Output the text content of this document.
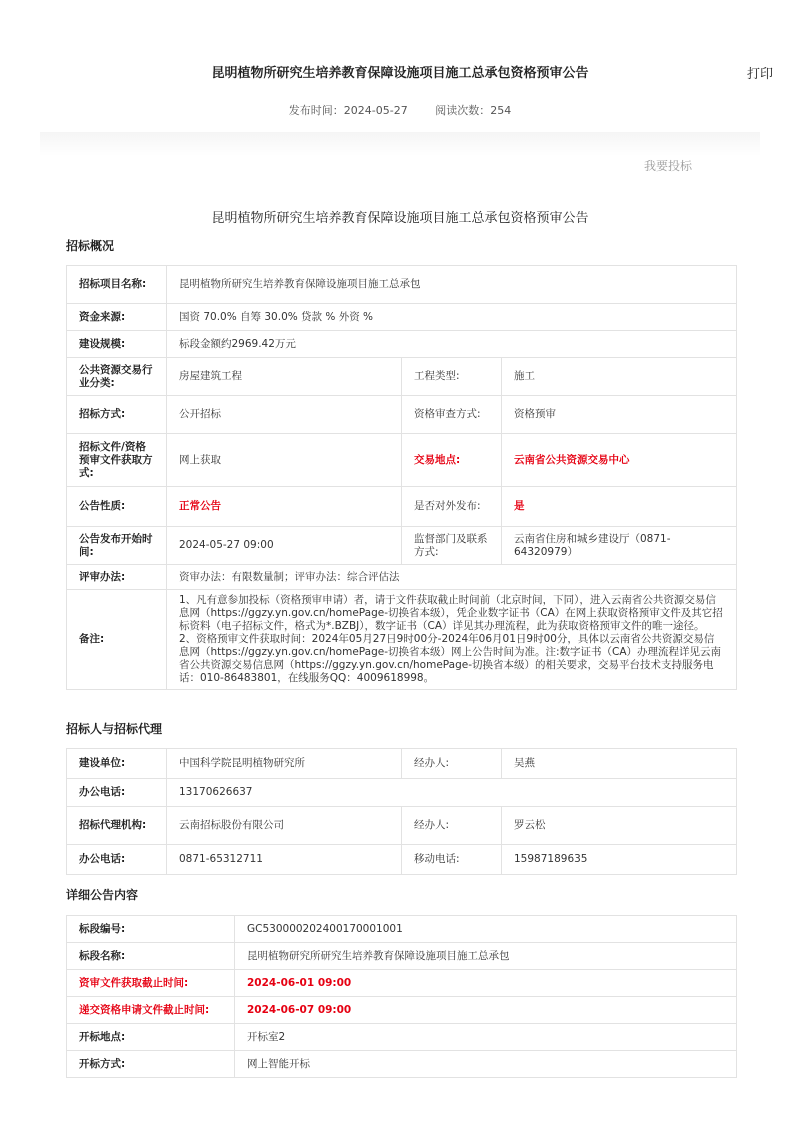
昆明植物所研究生培养教育保障设施项目施工总承包资格预审公告	打印
发布时间：2024-05-27	阅读次数：254
我要投标
昆明植物所研究生培养教育保障设施项目施工总承包资格预审公告
招标概况
招标项目名称:	昆明植物所研究生培养教育保障设施项目施工总承包		
资金来源:	国资 70.0% 自筹 30.0% 贷款 % 外资 %		
建设规模:	标段金额约2969.42万元		
公共资源交易行业分类:	房屋建筑工程	工程类型:	施工
招标方式:	公开招标	资格审查方式:	资格预审
招标文件/资格预审文件获取方式:	网上获取	交易地点:	云南省公共资源交易中心
公告性质:	正常公告	是否对外发布:	是
公告发布开始时间:	2024-05-27 09:00	监督部门及联系方式:	云南省住房和城乡建设厅（0871-64320979）
评审办法:	资审办法：有限数量制；评审办法：综合评估法		
备注:	1、凡有意参加投标（资格预审申请）者，请于文件获取截止时间前（北京时间，下同），进入云南省公共资源交易信息网（https://ggzy.yn.gov.cn/homePage-切换省本级），凭企业数字证书（CA）在网上获取资格预审文件及其它招标资料（电子招标文件，格式为*.BZBJ），数字证书（CA）详见其办理流程，此为获取资格预审文件的唯一途径。 2、资格预审文件获取时间：2024年05月27日9时00分-2024年06月01日9时00分，具体以云南省公共资源交易信息网（https://ggzy.yn.gov.cn/homePage-切换省本级）网上公告时间为准。注:数字证书（CA）办理流程详见云南省公共资源交易信息网（https://ggzy.yn.gov.cn/homePage-切换省本级）的相关要求，交易平台技术支持服务电话：010-86483801，在线服务QQ：4009618998。		
招标人与招标代理
建设单位:	中国科学院昆明植物研究所	经办人:	吴燕
办公电话:	13170626637		
招标代理机构:	云南招标股份有限公司	经办人:	罗云松
办公电话:	0871-65312711	移动电话:	15987189635
详细公告内容
标段编号:	GC530000202400170001001
标段名称:	昆明植物研究所研究生培养教育保障设施项目施工总承包
资审文件获取截止时间:	2024-06-01 09:00
递交资格申请文件截止时间:	2024-06-07 09:00
开标地点:	开标室2
开标方式:	网上智能开标
